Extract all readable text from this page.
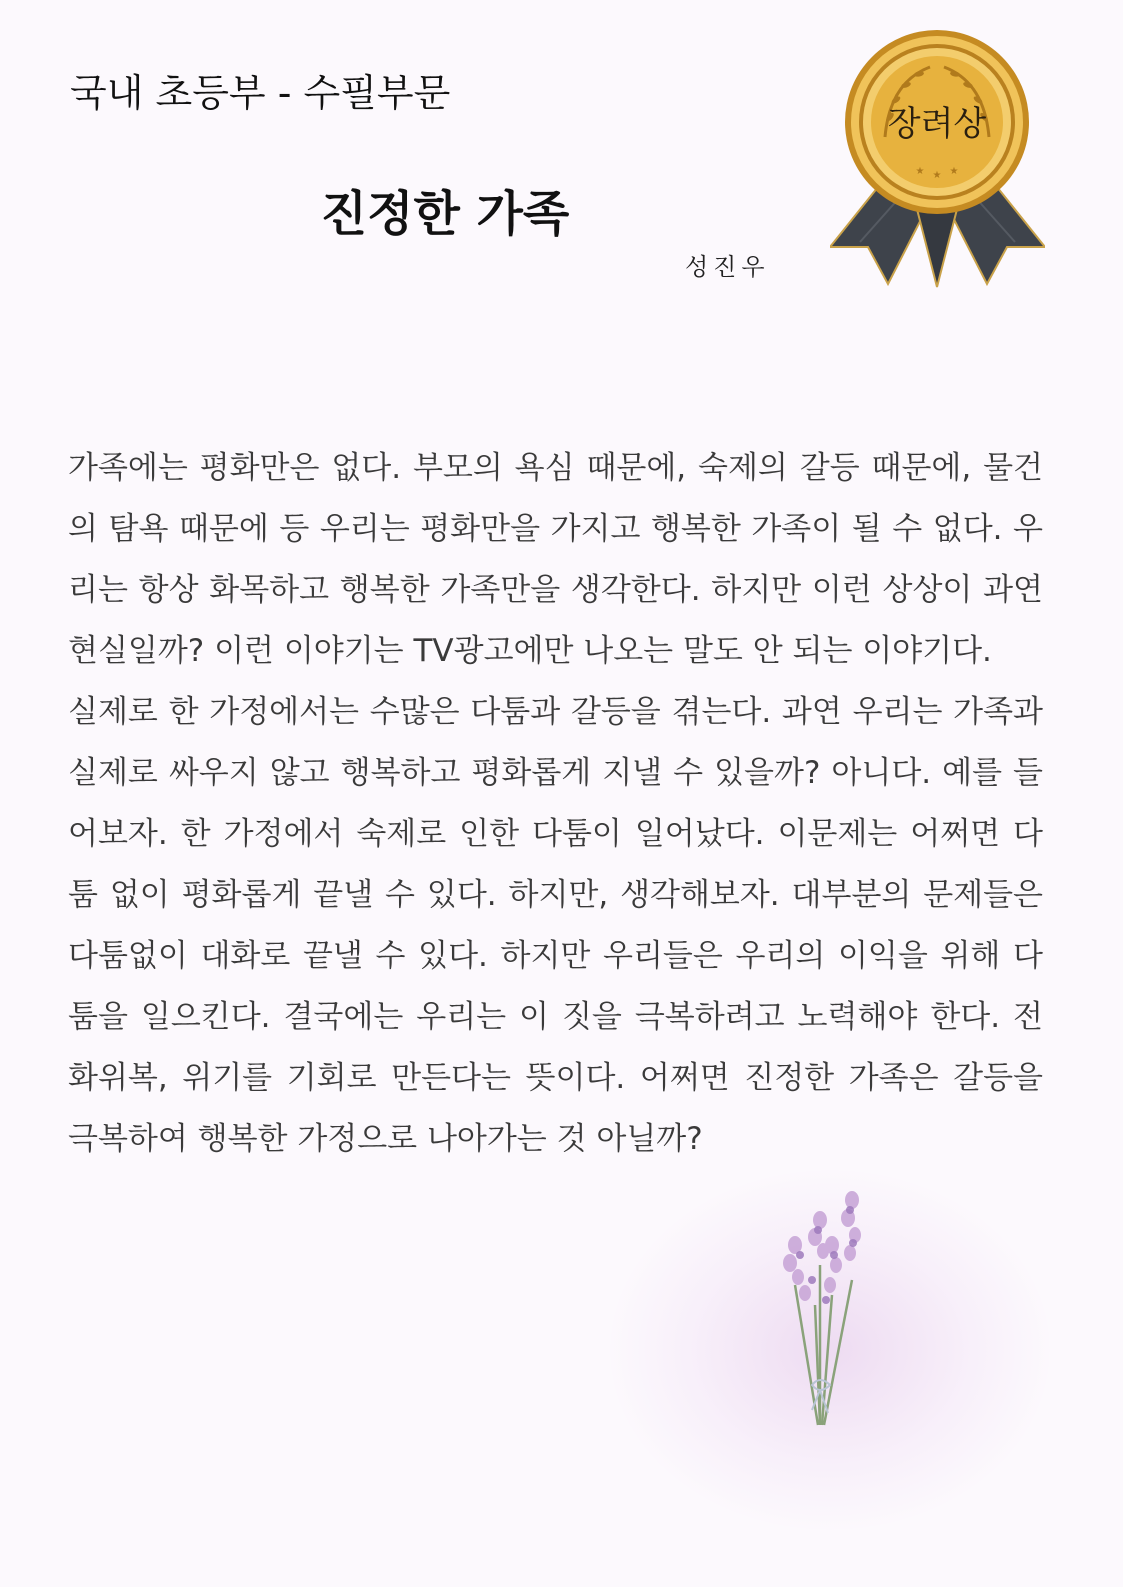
국내 초등부 - 수필부문
진정한 가족
성진우
★ ★ ★
장려상

가족에는 평화만은 없다. 부모의 욕심 때문에, 숙제의 갈등 때문에, 물건의 탐욕 때문에 등 우리는 평화만을 가지고 행복한 가족이 될 수 없다. 우리는 항상 화목하고 행복한 가족만을 생각한다. 하지만 이런 상상이 과연 현실일까? 이런 이야기는 TV광고에만 나오는 말도 안 되는 이야기다.

실제로 한 가정에서는 수많은 다툼과 갈등을 겪는다. 과연 우리는 가족과 실제로 싸우지 않고 행복하고 평화롭게 지낼 수 있을까? 아니다. 예를 들어보자. 한 가정에서 숙제로 인한 다툼이 일어났다. 이문제는 어쩌면 다툼 없이 평화롭게 끝낼 수 있다. 하지만, 생각해보자. 대부분의 문제들은 다툼없이 대화로 끝낼 수 있다. 하지만 우리들은 우리의 이익을 위해 다툼을 일으킨다. 결국에는 우리는 이 짓을 극복하려고 노력해야 한다. 전화위복, 위기를 기회로 만든다는 뜻이다. 어쩌면 진정한 가족은 갈등을 극복하여 행복한 가정으로 나아가는 것 아닐까?
